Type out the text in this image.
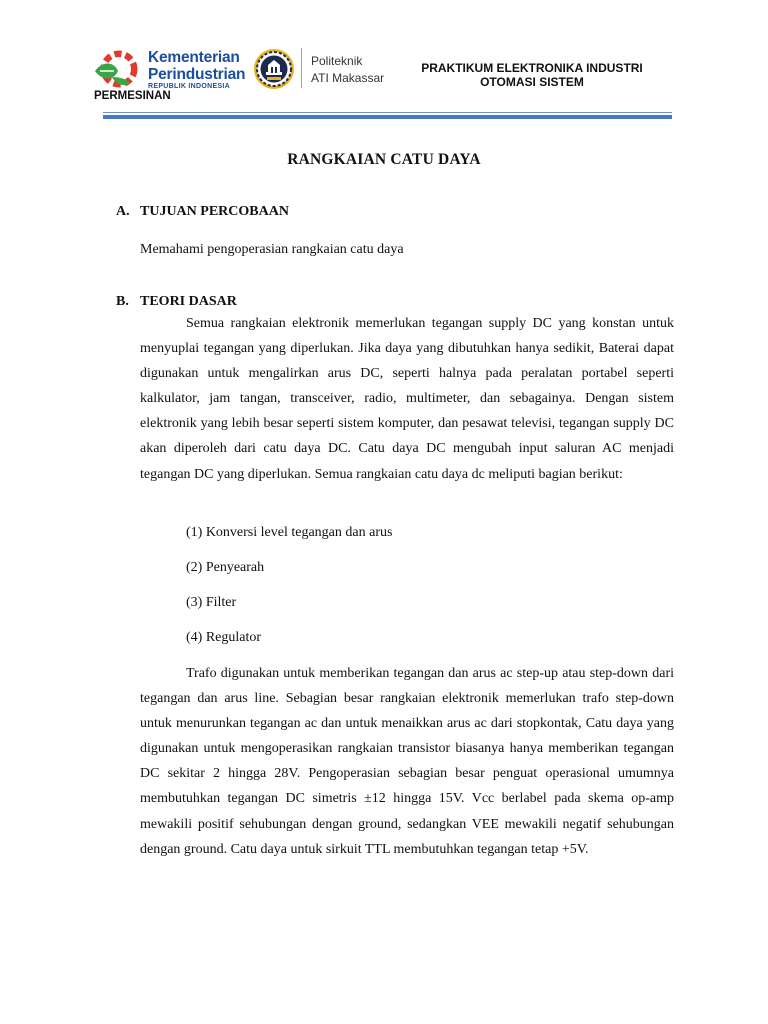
Kementerian
Perindustrian
REPUBLIK INDONESIA
PERMESINAN
Politeknik
ATI Makassar
PRAKTIKUM ELEKTRONIKA INDUSTRI
OTOMASI SISTEM
RANGKAIAN CATU DAYA
A. TUJUAN PERCOBAAN
Memahami pengoperasian rangkaian catu daya
B. TEORI DASAR
Semua rangkaian elektronik memerlukan tegangan supply DC yang konstan untuk menyuplai tegangan yang diperlukan. Jika daya yang dibutuhkan hanya sedikit, Baterai dapat digunakan untuk mengalirkan arus DC, seperti halnya pada peralatan portabel seperti kalkulator, jam tangan, transceiver, radio, multimeter, dan sebagainya. Dengan sistem elektronik yang lebih besar seperti sistem komputer, dan pesawat televisi, tegangan supply DC akan diperoleh dari catu daya DC. Catu daya DC mengubah input saluran AC menjadi tegangan DC yang diperlukan. Semua rangkaian catu daya dc meliputi bagian berikut:
(1) Konversi level tegangan dan arus
(2) Penyearah
(3) Filter
(4) Regulator
Trafo digunakan untuk memberikan tegangan dan arus ac step-up atau step-down dari tegangan dan arus line. Sebagian besar rangkaian elektronik memerlukan trafo step-down untuk menurunkan tegangan ac dan untuk menaikkan arus ac dari stopkontak, Catu daya yang digunakan untuk mengoperasikan rangkaian transistor biasanya hanya memberikan tegangan DC sekitar 2 hingga 28V. Pengoperasian sebagian besar penguat operasional umumnya membutuhkan tegangan DC simetris ±12 hingga 15V. Vcc berlabel pada skema op-amp mewakili positif sehubungan dengan ground, sedangkan VEE mewakili negatif sehubungan dengan ground. Catu daya untuk sirkuit TTL membutuhkan tegangan tetap +5V.
